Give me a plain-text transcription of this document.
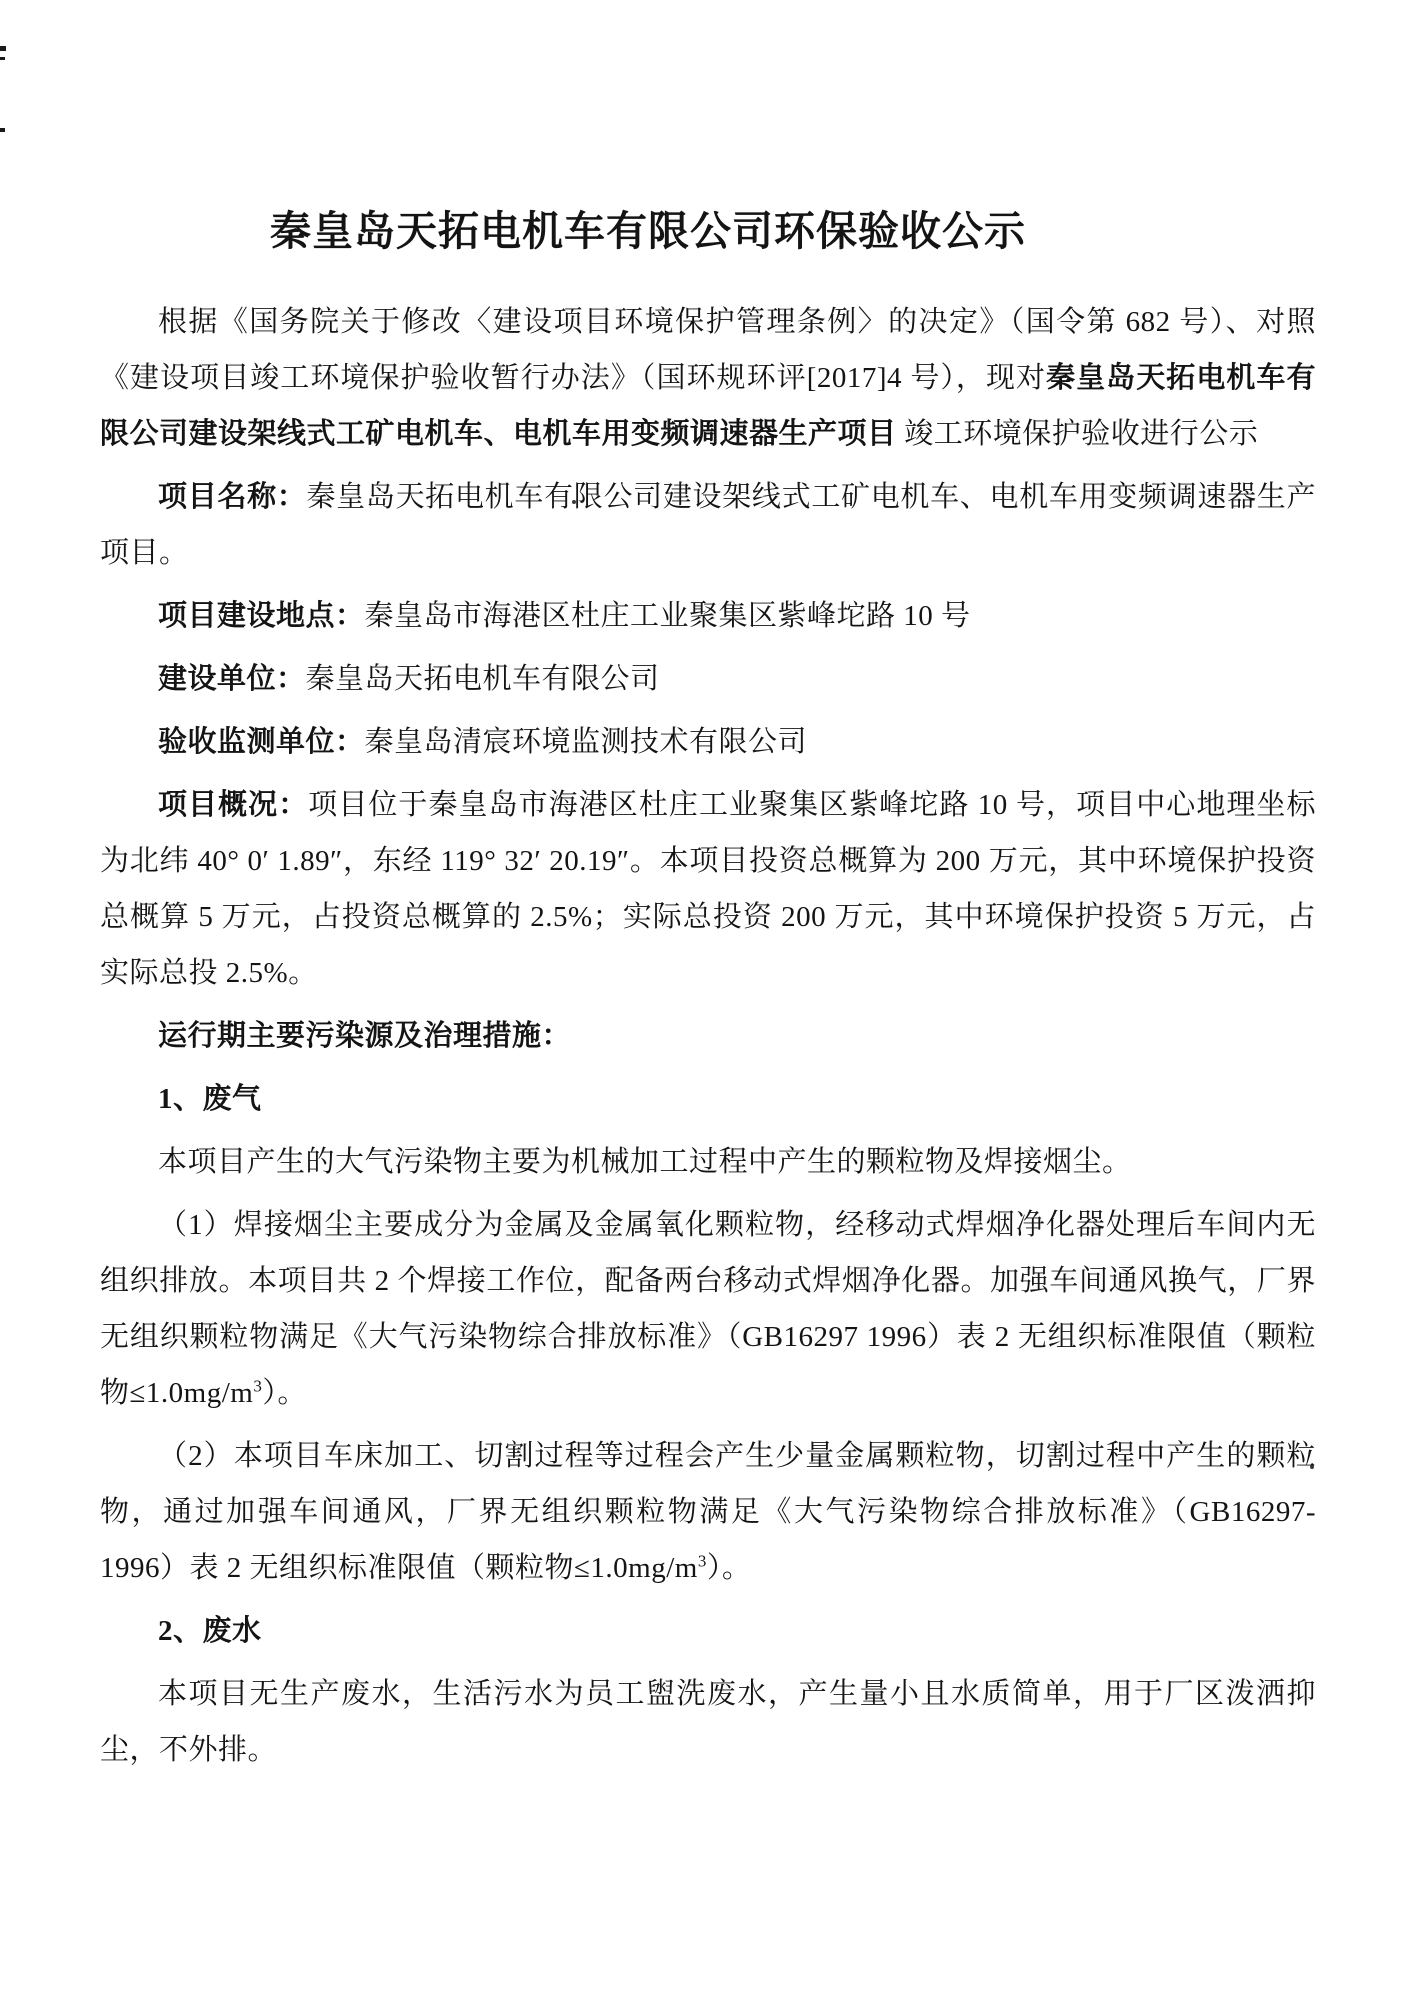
秦皇岛天拓电机车有限公司环保验收公示

根据《国务院关于修改〈建设项目环境保护管理条例〉的决定》（国令第 682 号）、对照《建设项目竣工环境保护验收暂行办法》（国环规环评[2017]4 号），现对秦皇岛天拓电机车有限公司建设架线式工矿电机车、电机车用变频调速器生产项目 竣工环境保护验收进行公示

项目名称：秦皇岛天拓电机车有限公司建设架线式工矿电机车、电机车用变频调速器生产项目。

项目建设地点：秦皇岛市海港区杜庄工业聚集区紫峰坨路 10 号

建设单位：秦皇岛天拓电机车有限公司

验收监测单位：秦皇岛清宸环境监测技术有限公司

项目概况：项目位于秦皇岛市海港区杜庄工业聚集区紫峰坨路 10 号，项目中心地理坐标为北纬 40° 0′ 1.89″，东经 119° 32′ 20.19″。本项目投资总概算为 200 万元，其中环境保护投资总概算 5 万元，占投资总概算的 2.5%；实际总投资 200 万元，其中环境保护投资 5 万元，占实际总投 2.5%。

运行期主要污染源及治理措施：

1、废气

本项目产生的大气污染物主要为机械加工过程中产生的颗粒物及焊接烟尘。

（1）焊接烟尘主要成分为金属及金属氧化颗粒物，经移动式焊烟净化器处理后车间内无组织排放。本项目共 2 个焊接工作位，配备两台移动式焊烟净化器。加强车间通风换气，厂界无组织颗粒物满足《大气污染物综合排放标准》（GB16297 1996）表 2 无组织标准限值（颗粒物$\le 1.0mg/m^3$）。

（2）本项目车床加工、切割过程等过程会产生少量金属颗粒物，切割过程中产生的颗粒物，通过加强车间通风，厂界无组织颗粒物满足《大气污染物综合排放标准》（GB16297-1996）表 2 无组织标准限值（颗粒物$\le 1.0mg/m^3$）。

2、废水

本项目无生产废水，生活污水为员工盥洗废水，产生量小且水质简单，用于厂区泼洒抑尘，不外排。
